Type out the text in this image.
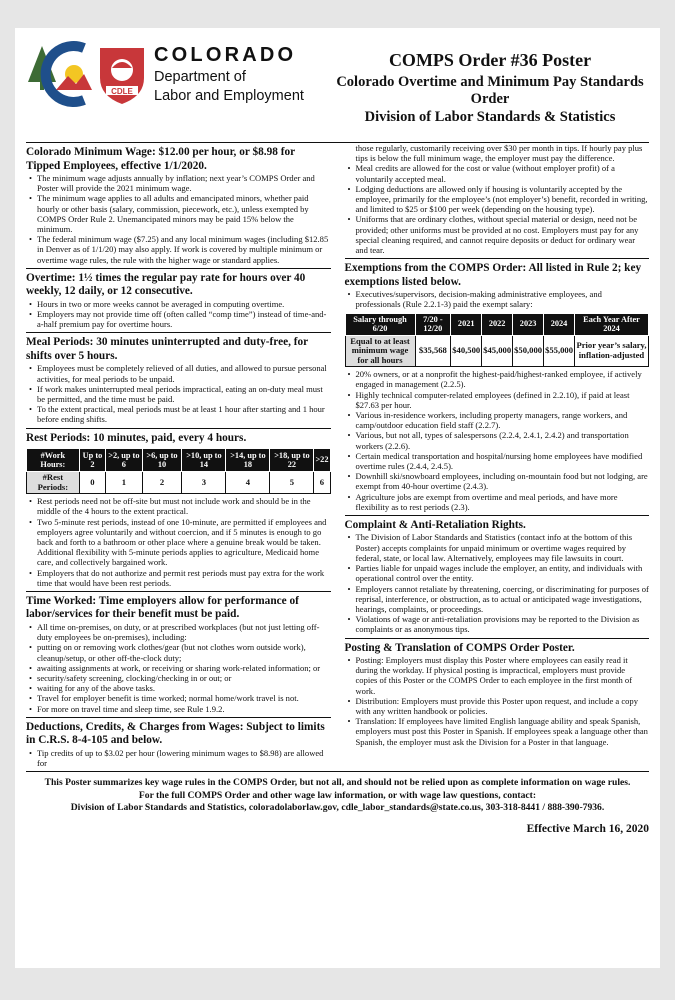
CDLE
COLORADO
Department of
Labor and Employment
COMPS Order #36 Poster
Colorado Overtime and Minimum Pay Standards Order
Division of Labor Standards & Statistics
Colorado Minimum Wage: $12.00 per hour, or $8.98 for Tipped Employees, effective 1/1/2020.
• The minimum wage adjusts annually by inflation; next year’s COMPS Order and Poster will provide the 2021 minimum wage.
• The minimum wage applies to all adults and emancipated minors, whether paid hourly or other basis (salary, commission, piecework, etc.), unless exempted by COMPS Order Rule 2. Unemancipated minors may be paid 15% below the minimum.
• The federal minimum wage ($7.25) and any local minimum wages (including $12.85 in Denver as of 1/1/20) may also apply. If work is covered by multiple minimum or overtime wage rules, the rule with the higher wage or standard applies.
Overtime: 1½ times the regular pay rate for hours over 40 weekly, 12 daily, or 12 consecutive.
• Hours in two or more weeks cannot be averaged in computing overtime.
• Employers may not provide time off (often called “comp time”) instead of time-and-a-half premium pay for overtime hours.
Meal Periods: 30 minutes uninterrupted and duty-free, for shifts over 5 hours.
• Employees must be completely relieved of all duties, and allowed to pursue personal activities, for meal periods to be unpaid.
• If work makes uninterrupted meal periods impractical, eating an on-duty meal must be permitted, and the time must be paid.
• To the extent practical, meal periods must be at least 1 hour after starting and 1 hour before ending shifts.
Rest Periods: 10 minutes, paid, every 4 hours.
#Work Hours:	Up to 2	>2, up to 6	>6, up to 10	>10, up to 14	>14, up to 18	>18, up to 22	>22
#Rest Periods:	0	1	2	3	4	5	6
• Rest periods need not be off-site but must not include work and should be in the middle of the 4 hours to the extent practical.
• Two 5-minute rest periods, instead of one 10-minute, are permitted if employees and employers agree voluntarily and without coercion, and if 5 minutes is enough to go back and forth to a bathroom or other place where a genuine break would be taken. Additional flexibility with 5-minute periods applies to agriculture, Medicaid home care, and collectively bargained work.
• Employers that do not authorize and permit rest periods must pay extra for the work time that would have been rest periods.
Time Worked: Time employers allow for performance of labor/services for their benefit must be paid.
• All time on-premises, on duty, or at prescribed workplaces (but not just letting off-duty employees be on-premises), including:
• putting on or removing work clothes/gear (but not clothes worn outside work), cleanup/setup, or other off-the-clock duty;
• awaiting assignments at work, or receiving or sharing work-related information; or
• security/safety screening, clocking/checking in or out; or
• waiting for any of the above tasks.
• Travel for employer benefit is time worked; normal home/work travel is not.
• For more on travel time and sleep time, see Rule 1.9.2.
Deductions, Credits, & Charges from Wages: Subject to limits in C.R.S. 8-4-105 and below.
• Tip credits of up to $3.02 per hour (lowering minimum wages to $8.98) are allowed for
those regularly, customarily receiving over $30 per month in tips. If hourly pay plus tips is below the full minimum wage, the employer must pay the difference.
• Meal credits are allowed for the cost or value (without employer profit) of a voluntarily accepted meal.
• Lodging deductions are allowed only if housing is voluntarily accepted by the employee, primarily for the employee’s (not employer’s) benefit, recorded in writing, and limited to $25 or $100 per week (depending on the housing type).
• Uniforms that are ordinary clothes, without special material or design, need not be provided; other uniforms must be provided at no cost. Employers must pay for any special cleaning required, and cannot require deposits or deduct for ordinary wear and tear.
Exemptions from the COMPS Order: All listed in Rule 2; key exemptions listed below.
• Executives/supervisors, decision-making administrative employees, and professionals (Rule 2.2.1-3) paid the exempt salary:
Salary through 6/20	7/20 - 12/20	2021	2022	2023	2024	Each Year After 2024
Equal to at least minimum wage for all hours	$35,568	$40,500	$45,000	$50,000	$55,000	Prior year’s salary, inflation-adjusted
• 20% owners, or at a nonprofit the highest-paid/highest-ranked employee, if actively engaged in management (2.2.5).
• Highly technical computer-related employees (defined in 2.2.10), if paid at least $27.63 per hour.
• Various in-residence workers, including property managers, range workers, and camp/outdoor education field staff (2.2.7).
• Various, but not all, types of salespersons (2.2.4, 2.4.1, 2.4.2) and transportation workers (2.2.6).
• Certain medical transportation and hospital/nursing home employees have modified overtime rules (2.4.4, 2.4.5).
• Downhill ski/snowboard employees, including on-mountain food but not lodging, are exempt from 40-hour overtime (2.4.3).
• Agriculture jobs are exempt from overtime and meal periods, and have more flexibility as to rest periods (2.3).
Complaint & Anti-Retaliation Rights.
• The Division of Labor Standards and Statistics (contact info at the bottom of this Poster) accepts complaints for unpaid minimum or overtime wages required by federal, state, or local law. Alternatively, employees may file lawsuits in court.
• Parties liable for unpaid wages include the employer, an entity, and individuals with operational control over the entity.
• Employers cannot retaliate by threatening, coercing, or discriminating for purposes of reprisal, interference, or obstruction, as to actual or anticipated wage investigations, hearings, complaints, or proceedings.
• Violations of wage or anti-retaliation provisions may be reported to the Division as complaints or as anonymous tips.
Posting & Translation of COMPS Order Poster.
• Posting: Employers must display this Poster where employees can easily read it during the workday. If physical posting is impractical, employers must provide copies of this Poster or the COMPS Order to each employee in the first month of work.
• Distribution: Employers must provide this Poster upon request, and include a copy with any written handbook or policies.
• Translation: If employees have limited English language ability and speak Spanish, employers must post this Poster in Spanish. If employees speak a language other than Spanish, the employer must ask the Division for a Poster in that language.
This Poster summarizes key wage rules in the COMPS Order, but not all, and should not be relied upon as complete information on wage rules.
For the full COMPS Order and other wage law information, or with wage law questions, contact:
Division of Labor Standards and Statistics, coloradolaborlaw.gov, cdle_labor_standards@state.co.us, 303-318-8441 / 888-390-7936.
Effective March 16, 2020
